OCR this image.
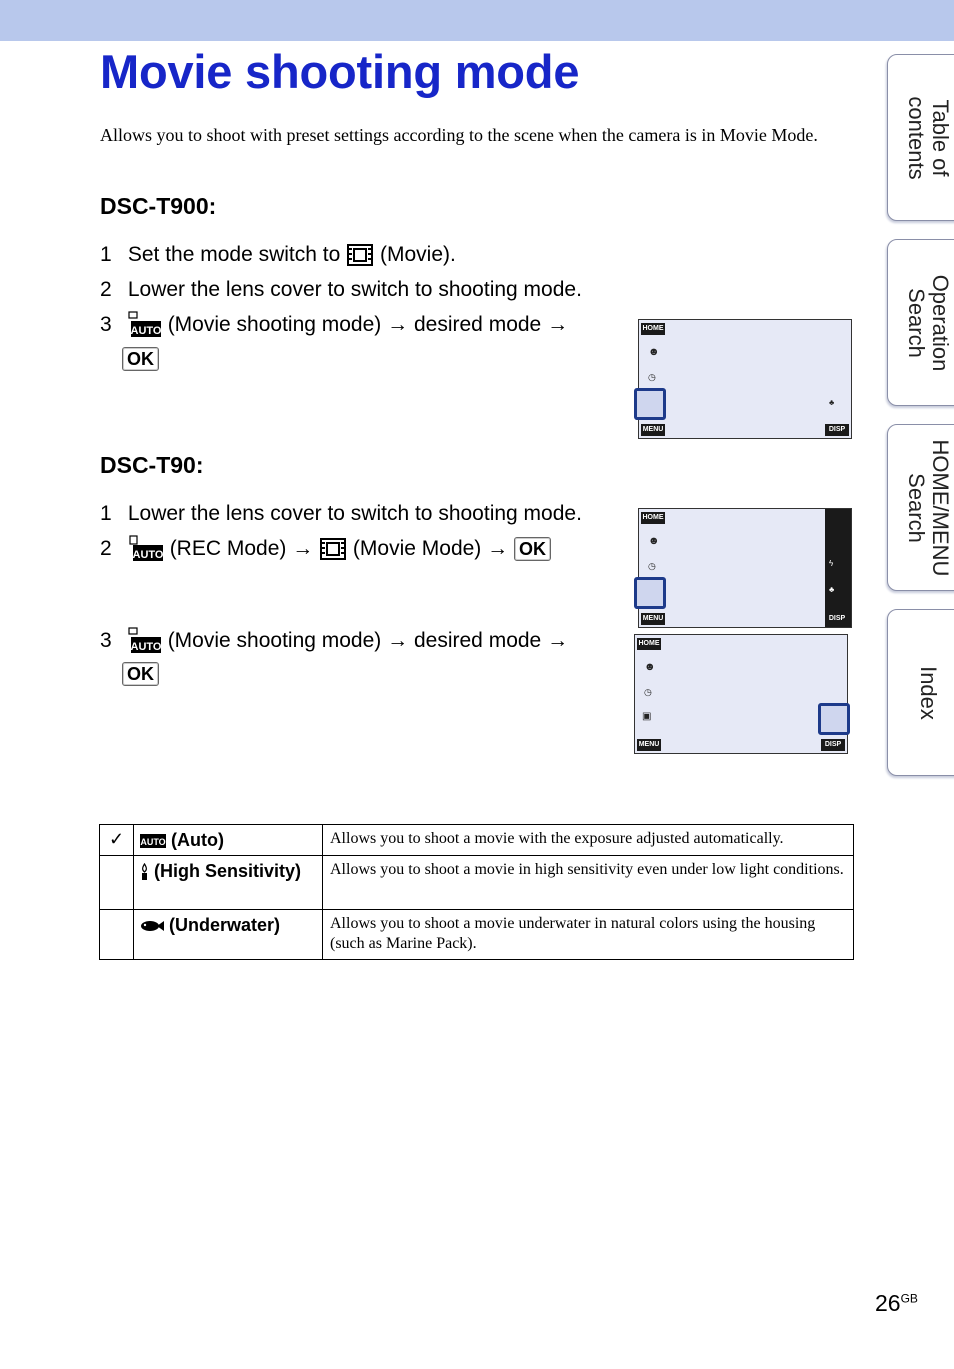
Movie shooting mode

Allows you to shoot with preset settings according to the scene when the camera is in Movie Mode.

DSC-T900:
1 Set the mode switch to (Movie).
2 Lower the lens cover to switch to shooting mode.
3 AUTO (Movie shooting mode) → desired mode →
OK
HOME
☻
◷
♣
MENU	DISP
DSC-T90:
1 Lower the lens cover to switch to shooting mode.
2 AUTO (REC Mode) → (Movie Mode) → OK
3 AUTO (Movie shooting mode) → desired mode →
OK
HOME
☻
◷	ϟ
♣
MENU	DISP
HOME
☻
◷
▣
MENU	DISP
✓	AUTO (Auto)	Allows you to shoot a movie with the exposure adjusted automatically.
	(High Sensitivity)	Allows you to shoot a movie in high sensitivity even under low light conditions.
	(Underwater)	Allows you to shoot a movie underwater in natural colors using the housing (such as Marine Pack).
Table of contents
Operation Search
HOME/MENU Search
Index
$26^{GB}$
